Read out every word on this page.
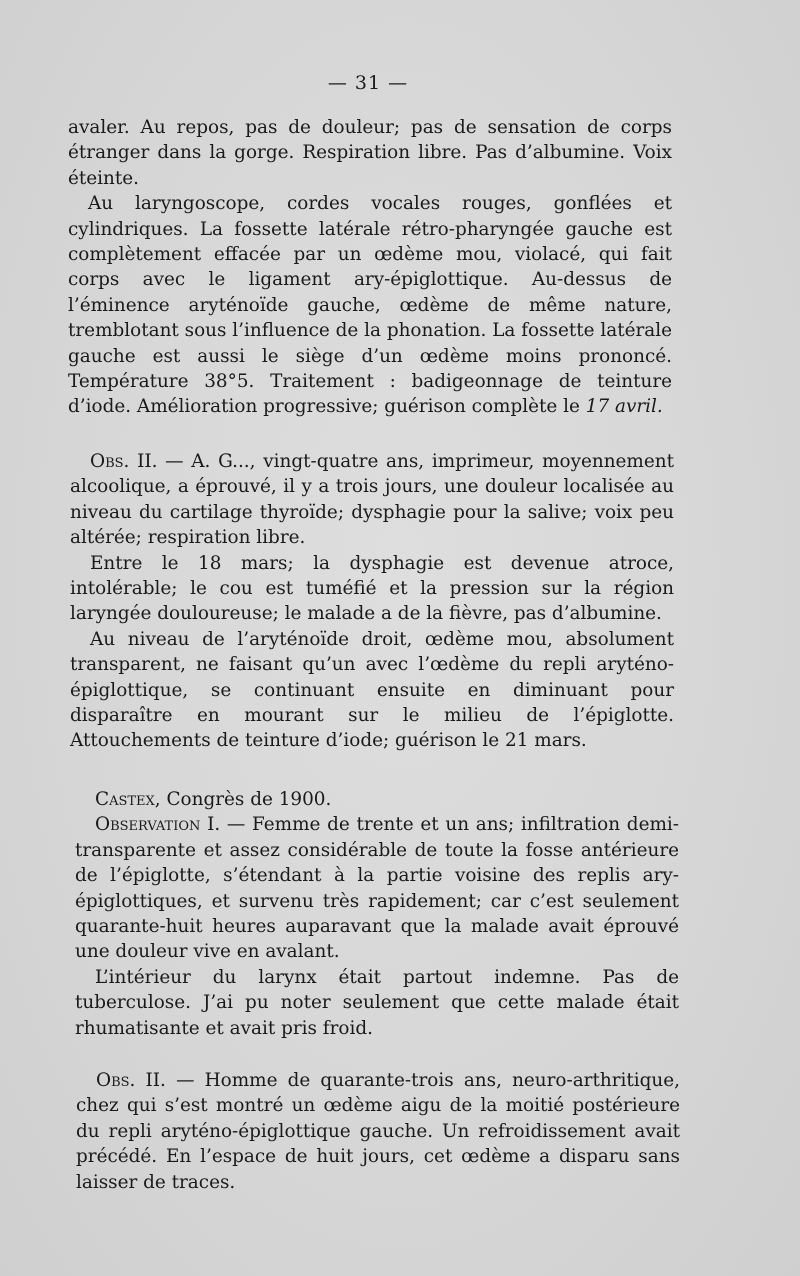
— 31 —

avaler. Au repos, pas de douleur; pas de sensation de corps étranger dans la gorge. Respiration libre. Pas d’albumine. Voix éteinte.

Au laryngoscope, cordes vocales rouges, gonflées et cylindriques. La fossette latérale rétro-pharyngée gauche est complètement effacée par un œdème mou, violacé, qui fait corps avec le ligament ary-épiglottique. Au-dessus de l’éminence aryténoïde gauche, œdème de même nature, tremblotant sous l’influence de la phonation. La fossette latérale gauche est aussi le siège d’un œdème moins prononcé. Température 38°5. Traitement : badigeonnage de teinture d’iode. Amélioration progressive; guérison complète le 17 avril.

Obs. II. — A. G..., vingt-quatre ans, imprimeur, moyennement alcoolique, a éprouvé, il y a trois jours, une douleur localisée au niveau du cartilage thyroïde; dysphagie pour la salive; voix peu altérée; respiration libre.

Entre le 18 mars; la dysphagie est devenue atroce, intolérable; le cou est tuméfié et la pression sur la région laryngée douloureuse; le malade a de la fièvre, pas d’albumine.

Au niveau de l’aryténoïde droit, œdème mou, absolument transparent, ne faisant qu’un avec l’œdème du repli aryténo-épiglottique, se continuant ensuite en diminuant pour disparaître en mourant sur le milieu de l’épiglotte. Attouchements de teinture d’iode; guérison le 21 mars.

Castex, Congrès de 1900.

Observation I. — Femme de trente et un ans; infiltration demi-transparente et assez considérable de toute la fosse antérieure de l’épiglotte, s’étendant à la partie voisine des replis ary-épiglottiques, et survenu très rapidement; car c’est seulement quarante-huit heures auparavant que la malade avait éprouvé une douleur vive en avalant.

L’intérieur du larynx était partout indemne. Pas de tuberculose. J’ai pu noter seulement que cette malade était rhumatisante et avait pris froid.

Obs. II. — Homme de quarante-trois ans, neuro-arthritique, chez qui s’est montré un œdème aigu de la moitié postérieure du repli aryténo-épiglottique gauche. Un refroidissement avait précédé. En l’espace de huit jours, cet œdème a disparu sans laisser de traces.
